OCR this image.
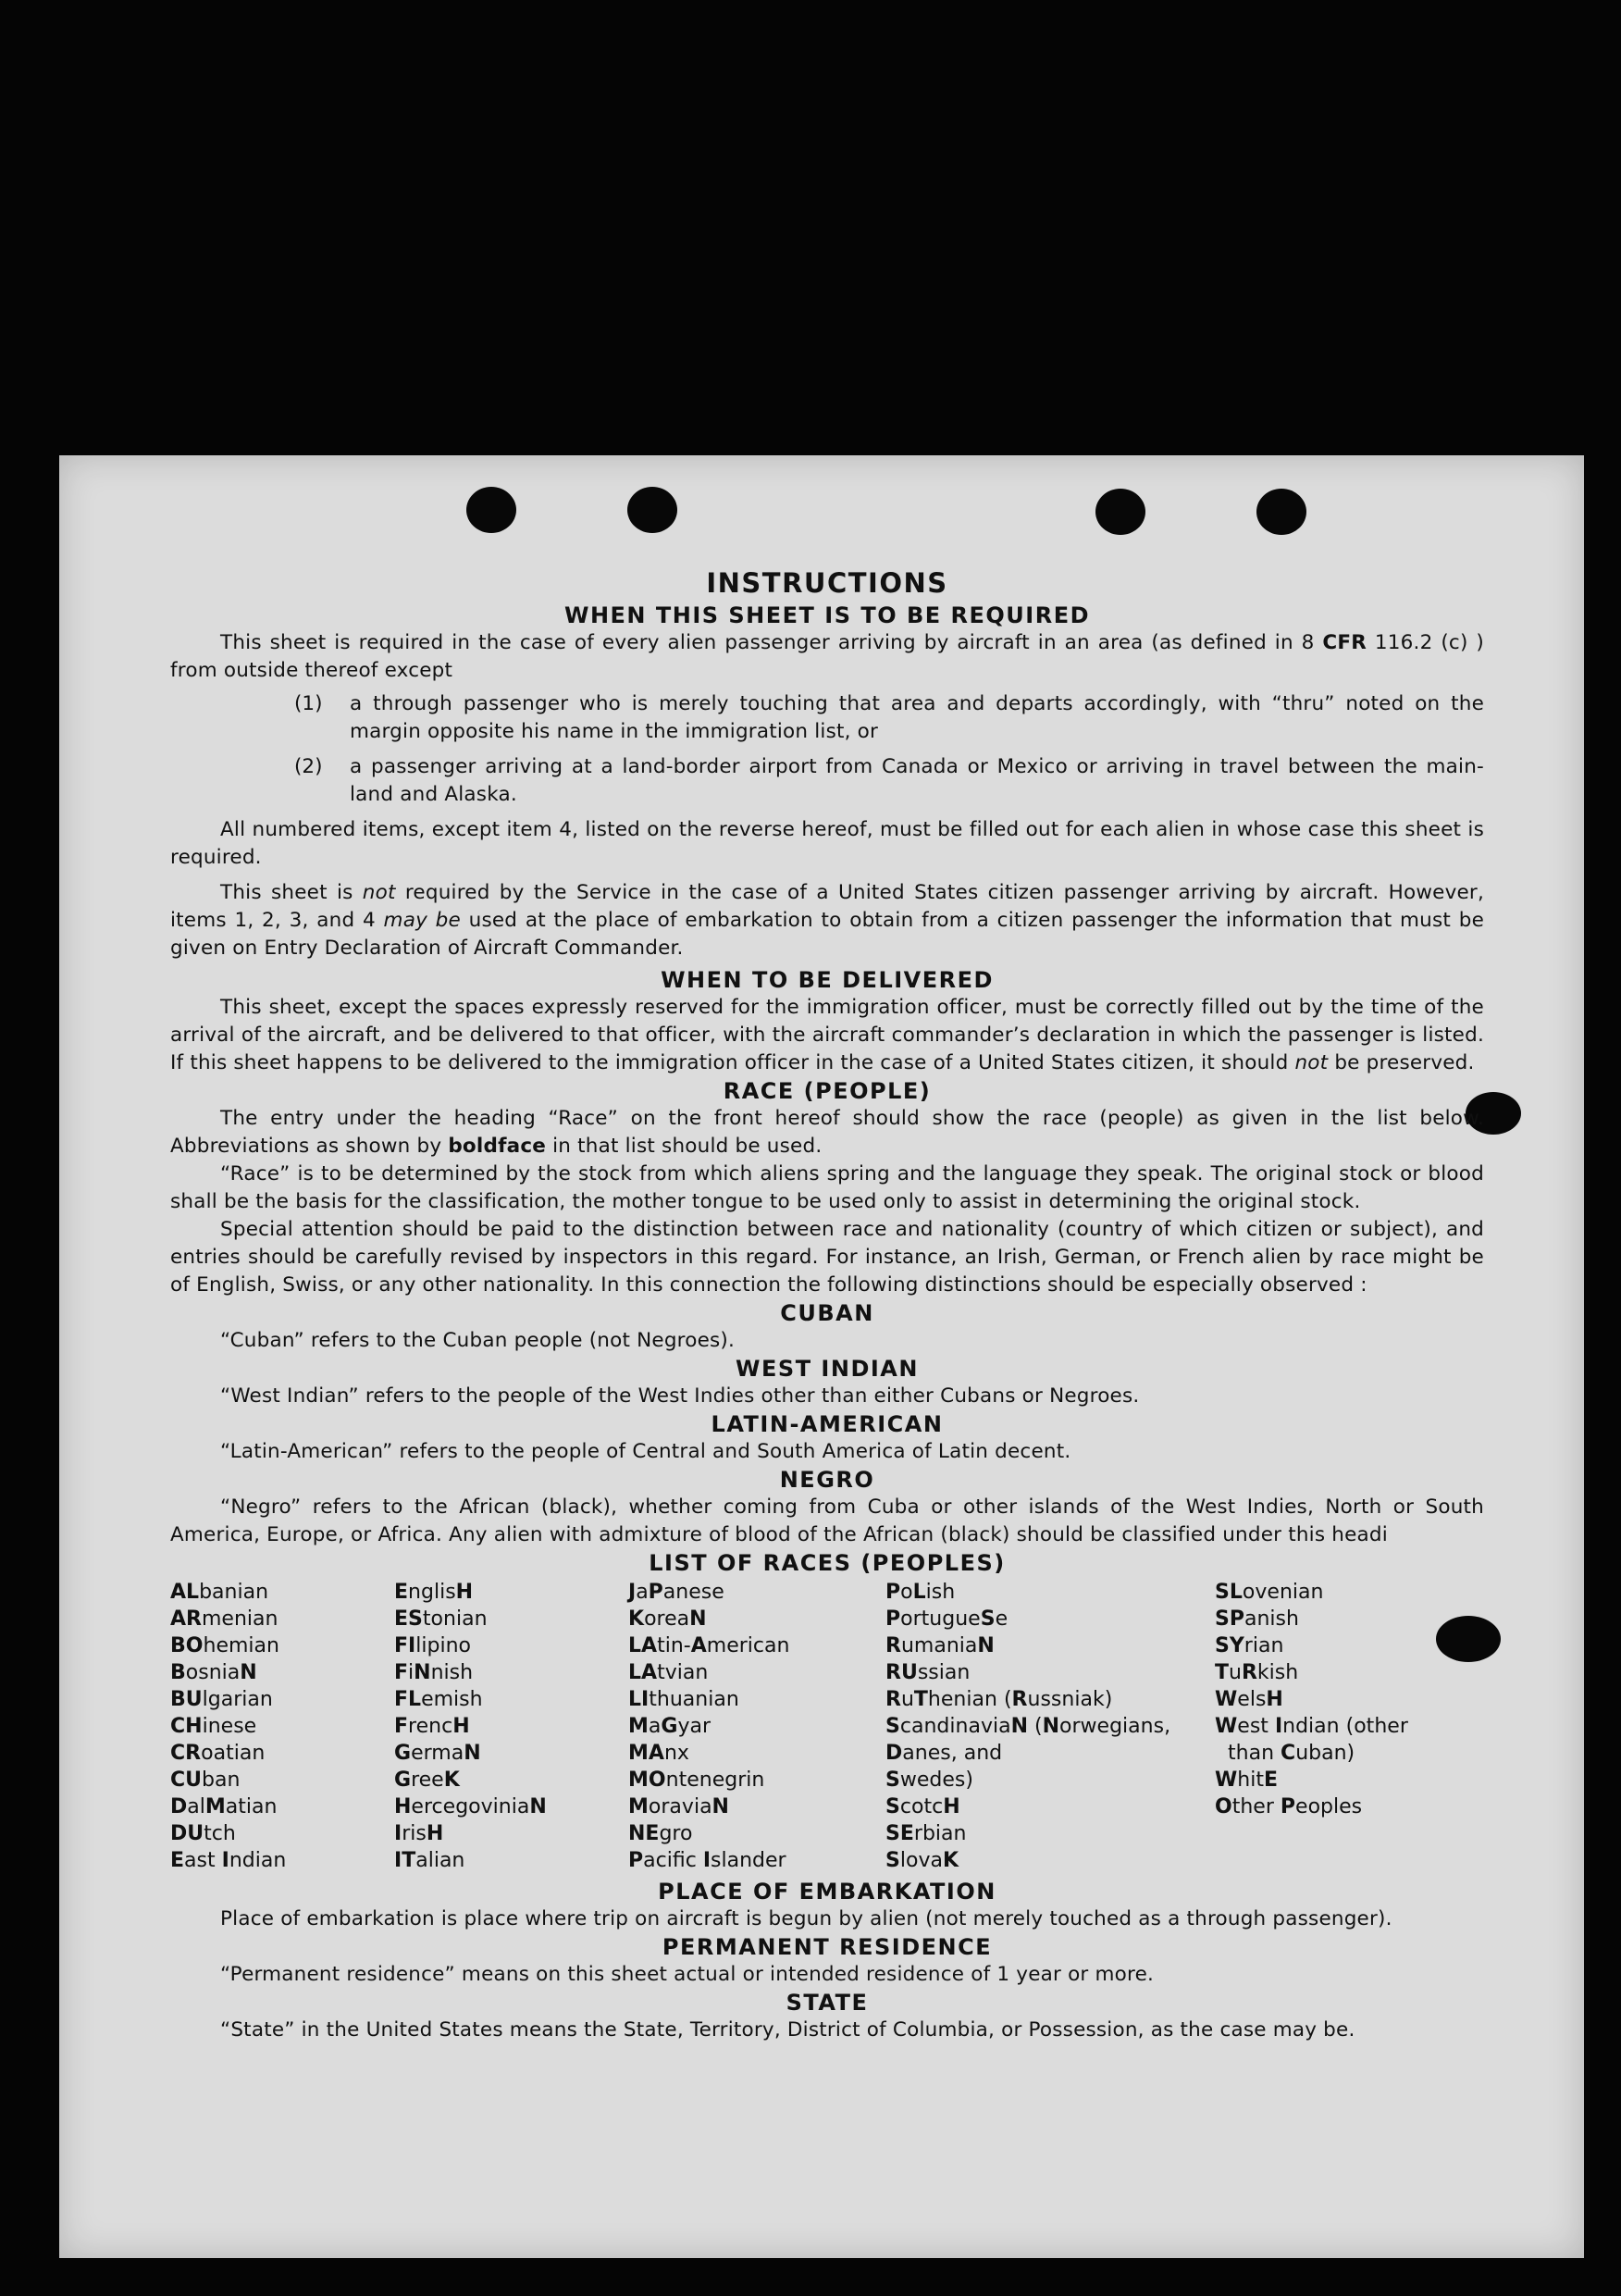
INSTRUCTIONS
WHEN THIS SHEET IS TO BE REQUIRED

This sheet is required in the case of every alien passenger arriving by aircraft in an area (as defined in 8 CFR 116.2 (c) ) from outside thereof except

(1)	a through passenger who is merely touching that area and departs accordingly, with “thru” noted on the margin opposite his name in the immigration list, or

(2)	a passenger arriving at a land-border airport from Canada or Mexico or arriving in travel between the main-land and Alaska.

All numbered items, except item 4, listed on the reverse hereof, must be filled out for each alien in whose case this sheet is required.

This sheet is not required by the Service in the case of a United States citizen passenger arriving by aircraft. However, items 1, 2, 3, and 4 may be used at the place of embarkation to obtain from a citizen passenger the information that must be given on Entry Declaration of Aircraft Commander.

WHEN TO BE DELIVERED

This sheet, except the spaces expressly reserved for the immigration officer, must be correctly filled out by the time of the arrival of the aircraft, and be delivered to that officer, with the aircraft commander’s declaration in which the passenger is listed. If this sheet happens to be delivered to the immigration officer in the case of a United States citizen, it should not be preserved.

RACE (PEOPLE)

The entry under the heading “Race” on the front hereof should show the race (people) as given in the list below. Abbreviations as shown by boldface in that list should be used.

“Race” is to be determined by the stock from which aliens spring and the language they speak. The original stock or blood shall be the basis for the classification, the mother tongue to be used only to assist in determining the original stock.

Special attention should be paid to the distinction between race and nationality (country of which citizen or subject), and entries should be carefully revised by inspectors in this regard. For instance, an Irish, German, or French alien by race might be of English, Swiss, or any other nationality. In this connection the following distinctions should be especially observed :

CUBAN

“Cuban” refers to the Cuban people (not Negroes).

WEST INDIAN

“West Indian” refers to the people of the West Indies other than either Cubans or Negroes.

LATIN-AMERICAN

“Latin-American” refers to the people of Central and South America of Latin decent.

NEGRO

“Negro” refers to the African (black), whether coming from Cuba or other islands of the West Indies, North or South America, Europe, or Africa. Any alien with admixture of blood of the African (black) should be classified under this headi

LIST OF RACES (PEOPLES)
ALbanian
ARmenian
BOhemian
BosniaN
BUlgarian
CHinese
CRoatian
CUban
DalMatian
DUtch
East Indian
EnglisH
EStonian
FIlipino
FiNnish
FLemish
FrencH
GermaN
GreeK
HercegoviniaN
IrisH
ITalian
JaPanese
KoreaN
LAtin-American
LAtvian
LIthuanian
MaGyar
MAnx
MOntenegrin
MoraviaN
NEgro
Pacifc Islander
PoLish
PortugueSe
RumaniaN
RUssian
RuThenian (Russniak)
ScandinaviaN (Norwegians,
Danes, and
Swedes)
ScotcH
SErbian
SlovaK
SLovenian
SPanish
SYrian
TuRkish
WelsH
West Indian (other
than Cuban)
WhitE
Other Peoples
PLACE OF EMBARKATION

Place of embarkation is place where trip on aircraft is begun by alien (not merely touched as a through passenger).

PERMANENT RESIDENCE

“Permanent residence” means on this sheet actual or intended residence of 1 year or more.

STATE

“State” in the United States means the State, Territory, District of Columbia, or Possession, as the case may be.
